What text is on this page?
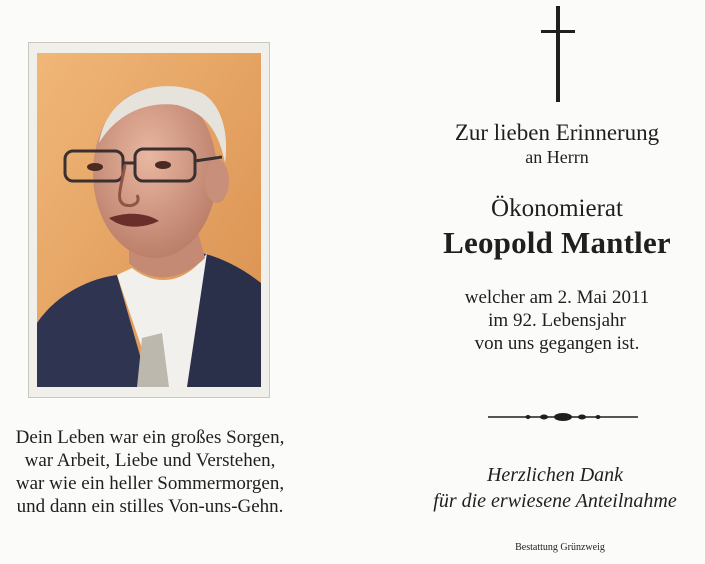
Dein Leben war ein großes Sorgen,
war Arbeit, Liebe und Verstehen,
war wie ein heller Sommermorgen,
und dann ein stilles Von-uns-Gehn.
Zur lieben Erinnerung
an Herrn
Ökonomierat
Leopold Mantler
welcher am 2. Mai 2011
im 92. Lebensjahr
von uns gegangen ist.
Herzlichen Dank
für die erwiesene Anteilnahme
Bestattung Grünzweig
